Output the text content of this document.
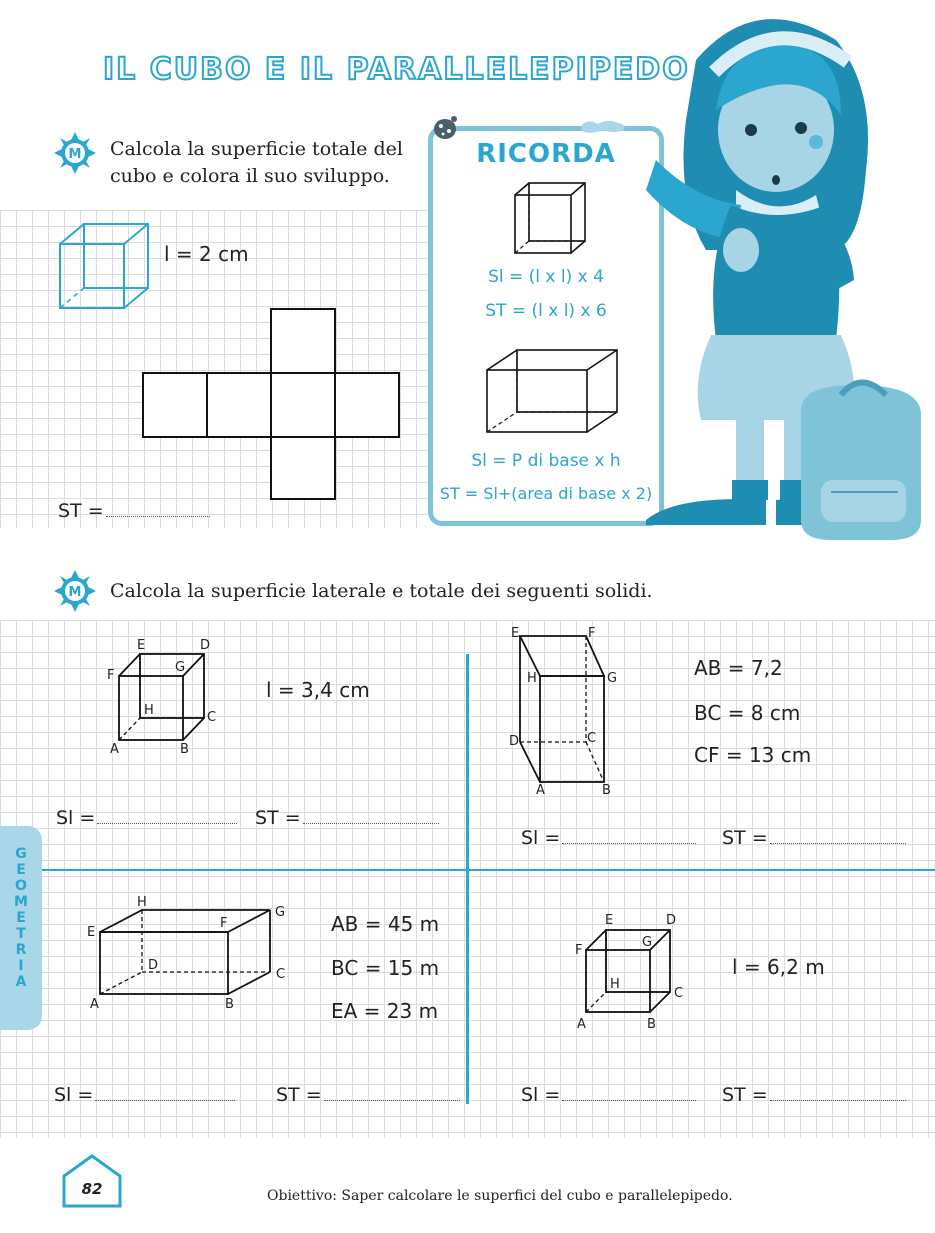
IL CUBO E IL PARALLELEPIPEDO
M Calcola la superficie totale del
cubo e colora il suo sviluppo.
l = 2 cm
ST =
RICORDA
Sl = (l x l) x 4
ST = (l x l) x 6
Sl = P di base x h
ST = Sl+(area di base x 2)
M Calcola la superficie laterale e totale dei seguenti solidi.
E	D
F
G
H	C
A	B
l = 3,4 cm
Sl =	ST =
E	F
H	G
D	C
A	B
AB = 7,2
BC = 8 cm
CF = 13 cm
Sl =	ST =
H
G
E
F
D
C
A	B
AB = 45 m
BC = 15 m
EA = 23 m
Sl =	ST =
E	D
F
G
H
C
A	B
l = 6,2 m
Sl =	ST =
G
E
O
M
E
T
R
I
A
82	Obiettivo: Saper calcolare le superfici del cubo e parallelepipedo.
